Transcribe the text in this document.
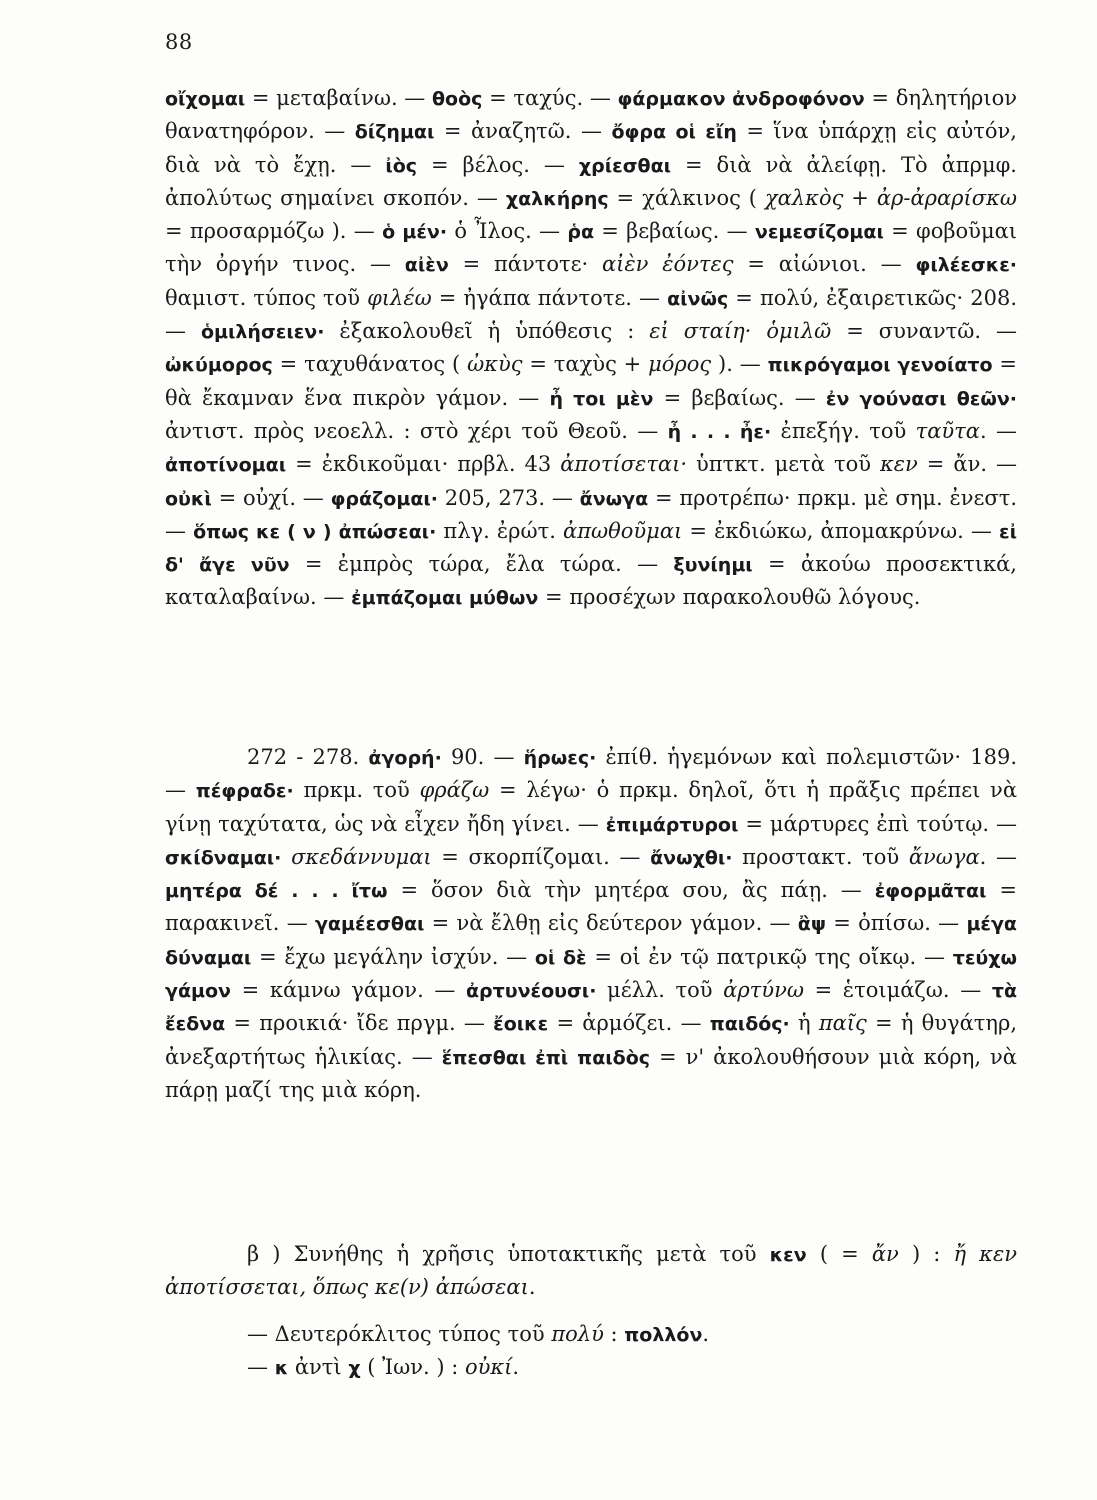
88

οἴχομαι = μεταβαίνω. — θοὸς = ταχύς. — φάρμακον ἀνδροφόνον = δηλητήριον θανατηφόρον. — δίζημαι = ἀναζητῶ. — ὄφρα οἱ εἴη = ἵνα ὑπάρχῃ εἰς αὐτόν, διὰ νὰ τὸ ἔχῃ. — ἰὸς = βέλος. — χρίεσθαι = διὰ νὰ ἀλείφῃ. Τὸ ἀπρμφ. ἀπολύτως σημαίνει σκοπόν. — χαλκήρης = χάλκινος ( χαλκὸς + ἀρ-ἀραρίσκω = προσαρμόζω ). — ὁ μέν· ὁ Ἶλος. — ῥα = βεβαίως. — νεμεσίζομαι = φοβοῦμαι τὴν ὀργήν τινος. — αἰὲν = πάντοτε· αἰὲν ἐόντες = αἰώνιοι. — φιλέεσκε· θαμιστ. τύπος τοῦ φιλέω = ἠγάπα πάντοτε. — αἰνῶς = πολύ, ἐξαιρετικῶς· 208. — ὁμιλήσειεν· ἐξακολουθεῖ ἡ ὑπόθεσις : εἰ σταίη· ὁμιλῶ = συναντῶ. — ὠκύμορος = ταχυθάνατος ( ὠκὺς = ταχὺς + μόρος ). — πικρόγαμοι γενοίατο = θὰ ἔκαμναν ἕνα πικρὸν γάμον. — ἦ τοι μὲν = βεβαίως. — ἐν γούνασι θεῶν· ἀντιστ. πρὸς νεοελλ. : στὸ χέρι τοῦ Θεοῦ. — ἦ . . . ἦε· ἐπεξήγ. τοῦ ταῦτα. — ἀποτίνομαι = ἐκδικοῦμαι· πρβλ. 43 ἀποτίσεται· ὑπτκτ. μετὰ τοῦ κεν = ἄν. — οὐκὶ = οὐχί. — φράζομαι· 205, 273. — ἄνωγα = προτρέπω· πρκμ. μὲ σημ. ἐνεστ. — ὅπως κε ( ν ) ἀπώσεαι· πλγ. ἐρώτ. ἀπωθοῦμαι = ἐκδιώκω, ἀπομακρύνω. — εἰ δ' ἄγε νῦν = ἐμπρὸς τώρα, ἔλα τώρα. — ξυνίημι = ἀκούω προσεκτικά, καταλαβαίνω. — ἐμπάζομαι μύθων = προσέχων παρακολουθῶ λόγους.

272 - 278. ἀγορή· 90. — ἥρωες· ἐπίθ. ἡγεμόνων καὶ πολεμιστῶν· 189. — πέφραδε· πρκμ. τοῦ φράζω = λέγω· ὁ πρκμ. δηλοῖ, ὅτι ἡ πρᾶξις πρέπει νὰ γίνῃ ταχύτατα, ὡς νὰ εἶχεν ἤδη γίνει. — ἐπιμάρτυροι = μάρτυρες ἐπὶ τούτῳ. — σκίδναμαι· σκεδάννυμαι = σκορπίζομαι. — ἄνωχθι· προστακτ. τοῦ ἄνωγα. — μητέρα δέ . . . ἴτω = ὅσον διὰ τὴν μητέρα σου, ἂς πάῃ. — ἐφορμᾶται = παρακινεῖ. — γαμέεσθαι = νὰ ἔλθῃ εἰς δεύτερον γάμον. — ἂψ = ὀπίσω. — μέγα δύναμαι = ἔχω μεγάλην ἰσχύν. — οἱ δὲ = οἱ ἐν τῷ πατρικῷ της οἴκῳ. — τεύχω γάμον = κάμνω γάμον. — ἀρτυνέουσι· μέλλ. τοῦ ἀρτύνω = ἑτοιμάζω. — τὰ ἔεδνα = προικιά· ἴδε πργμ. — ἔοικε = ἁρμόζει. — παιδός· ἡ παῖς = ἡ θυγάτηρ, ἀνεξαρτήτως ἡλικίας. — ἕπεσθαι ἐπὶ παιδὸς = ν' ἀκολουθήσουν μιὰ κόρη, νὰ πάρῃ μαζί της μιὰ κόρη.

β ) Συνήθης ἡ χρῆσις ὑποτακτικῆς μετὰ τοῦ κεν ( = ἄν ) : ἤ κεν ἀποτίσσεται, ὅπως κε(ν) ἀπώσεαι.

— Δευτερόκλιτος τύπος τοῦ πολύ : πολλόν.

— κ ἀντὶ χ ( Ἰων. ) : οὐκί.
